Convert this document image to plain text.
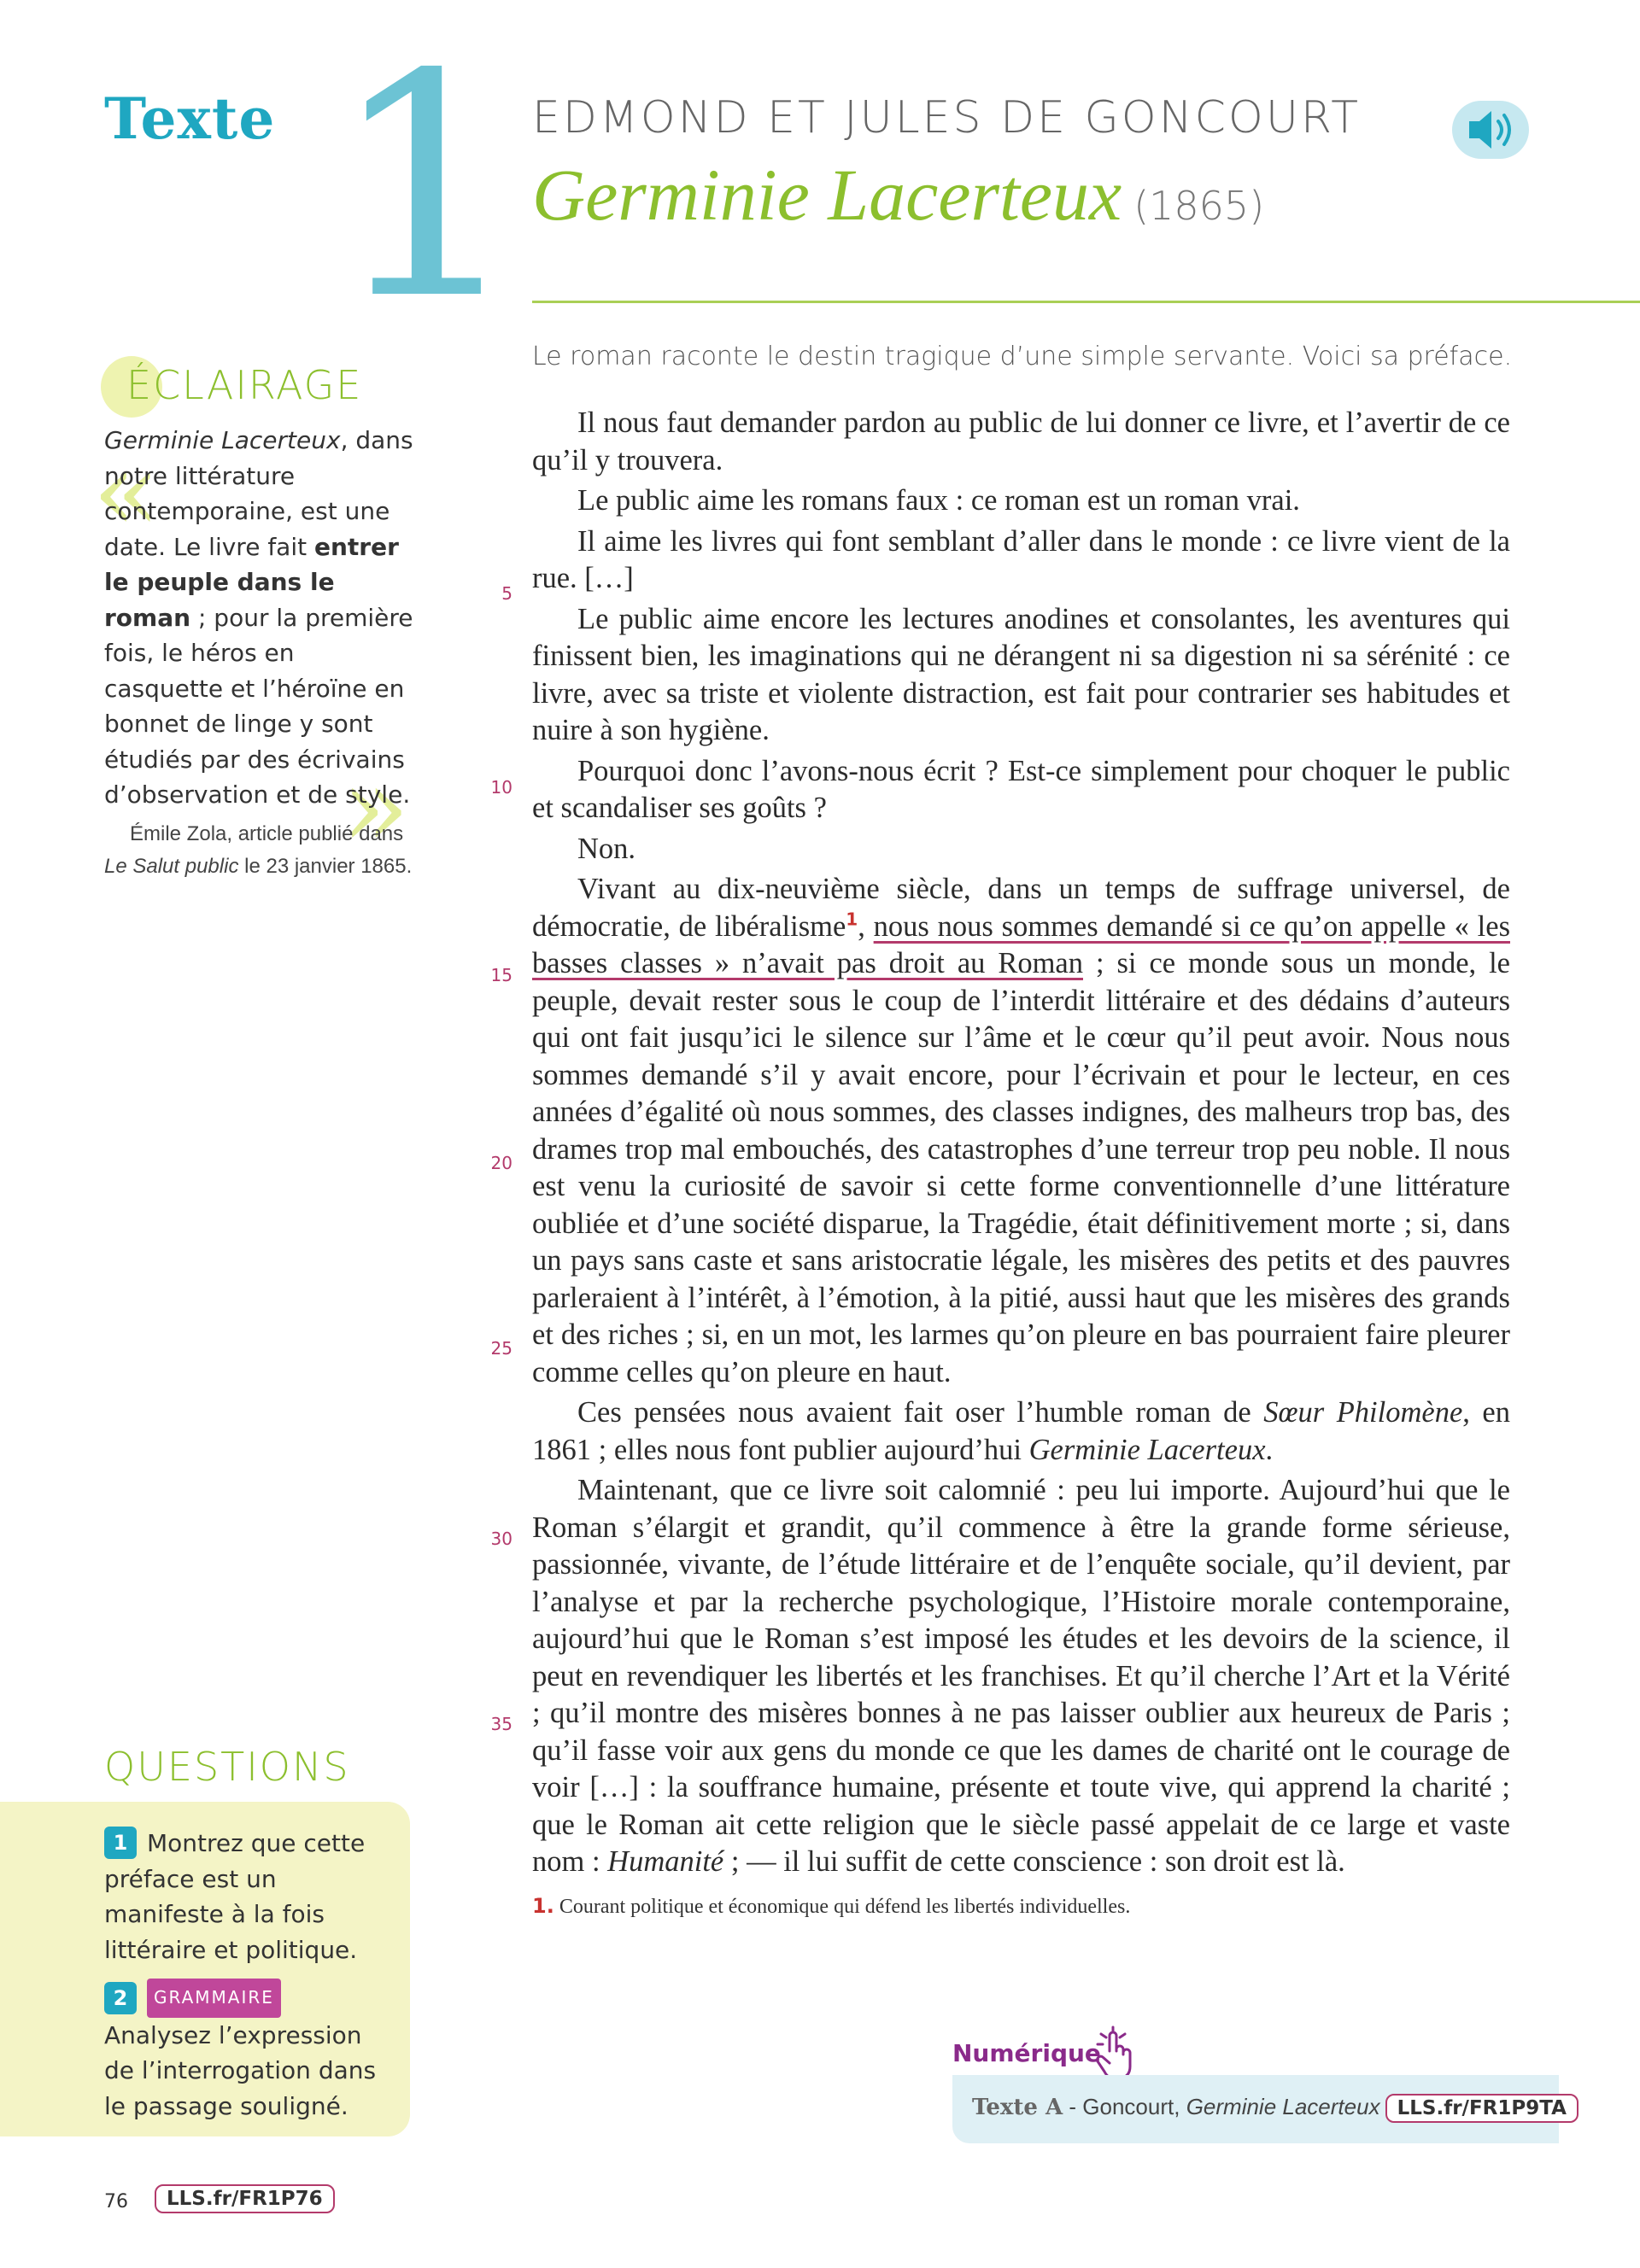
Texte 1 EDMOND ET JULES DE GONCOURT
Germinie Lacerteux (1865)
ÉCLAIRAGE
«
»
Germinie Lacerteux, dans notre littérature contemporaine, est une date. Le livre fait entrer le peuple dans le roman ; pour la première fois, le héros en casquette et l’héroïne en bonnet de linge y sont étudiés par des écrivains d’observation et de style.
Émile Zola, article publié dans Le Salut public le 23 janvier 1865.
QUESTIONS
1 Montrez que cette préface est un manifeste à la fois littéraire et politique.
2 GRAMMAIRE
Analysez l’expression de l’interrogation dans le passage souligné.
Le roman raconte le destin tragique d’une simple servante. Voici sa préface.

Il nous faut demander pardon au public de lui donner ce livre, et l’avertir de ce qu’il y trouvera.

Le public aime les romans faux : ce roman est un roman vrai.

Il aime les livres qui font semblant d’aller dans le monde : ce livre vient de la rue. […]

Le public aime encore les lectures anodines et consolantes, les aventures qui finissent bien, les imaginations qui ne dérangent ni sa digestion ni sa sérénité : ce livre, avec sa triste et violente distraction, est fait pour contrarier ses habitudes et nuire à son hygiène.

Pourquoi donc l’avons-nous écrit ? Est-ce simplement pour choquer le public et scandaliser ses goûts ?

Non.

Vivant au dix-neuvième siècle, dans un temps de suffrage universel, de démocratie, de libéralisme$^1$, nous nous sommes demandé si ce qu’on appelle « les basses classes » n’avait pas droit au Roman ; si ce monde sous un monde, le peuple, devait rester sous le coup de l’interdit littéraire et des dédains d’auteurs qui ont fait jusqu’ici le silence sur l’âme et le cœur qu’il peut avoir. Nous nous sommes demandé s’il y avait encore, pour l’écrivain et pour le lecteur, en ces années d’égalité où nous sommes, des classes indignes, des malheurs trop bas, des drames trop mal embouchés, des catastrophes d’une terreur trop peu noble. Il nous est venu la curiosité de savoir si cette forme conventionnelle d’une littérature oubliée et d’une société disparue, la Tragédie, était définitivement morte ; si, dans un pays sans caste et sans aristocratie légale, les misères des petits et des pauvres parleraient à l’intérêt, à l’émotion, à la pitié, aussi haut que les misères des grands et des riches ; si, en un mot, les larmes qu’on pleure en bas pourraient faire pleurer comme celles qu’on pleure en haut.

Ces pensées nous avaient fait oser l’humble roman de Sœur Philomène, en 1861 ; elles nous font publier aujourd’hui Germinie Lacerteux.

Maintenant, que ce livre soit calomnié : peu lui importe. Aujourd’hui que le Roman s’élargit et grandit, qu’il commence à être la grande forme sérieuse, passionnée, vivante, de l’étude littéraire et de l’enquête sociale, qu’il devient, par l’analyse et par la recherche psychologique, l’Histoire morale contemporaine, aujourd’hui que le Roman s’est imposé les études et les devoirs de la science, il peut en revendiquer les libertés et les franchises. Et qu’il cherche l’Art et la Vérité ; qu’il montre des misères bonnes à ne pas laisser oublier aux heureux de Paris ; qu’il fasse voir aux gens du monde ce que les dames de charité ont le courage de voir […] : la souffrance humaine, présente et toute vive, qui apprend la charité ; que le Roman ait cette religion que le siècle passé appelait de ce large et vaste nom : Humanité ; — il lui suffit de cette conscience : son droit est là.

5
10
15
20
25
30
35
1. Courant politique et économique qui défend les libertés individuelles.
Numérique
Texte A - Goncourt, Germinie Lacerteux LLS.fr/FR1P9TA
76	LLS.fr/FR1P76
